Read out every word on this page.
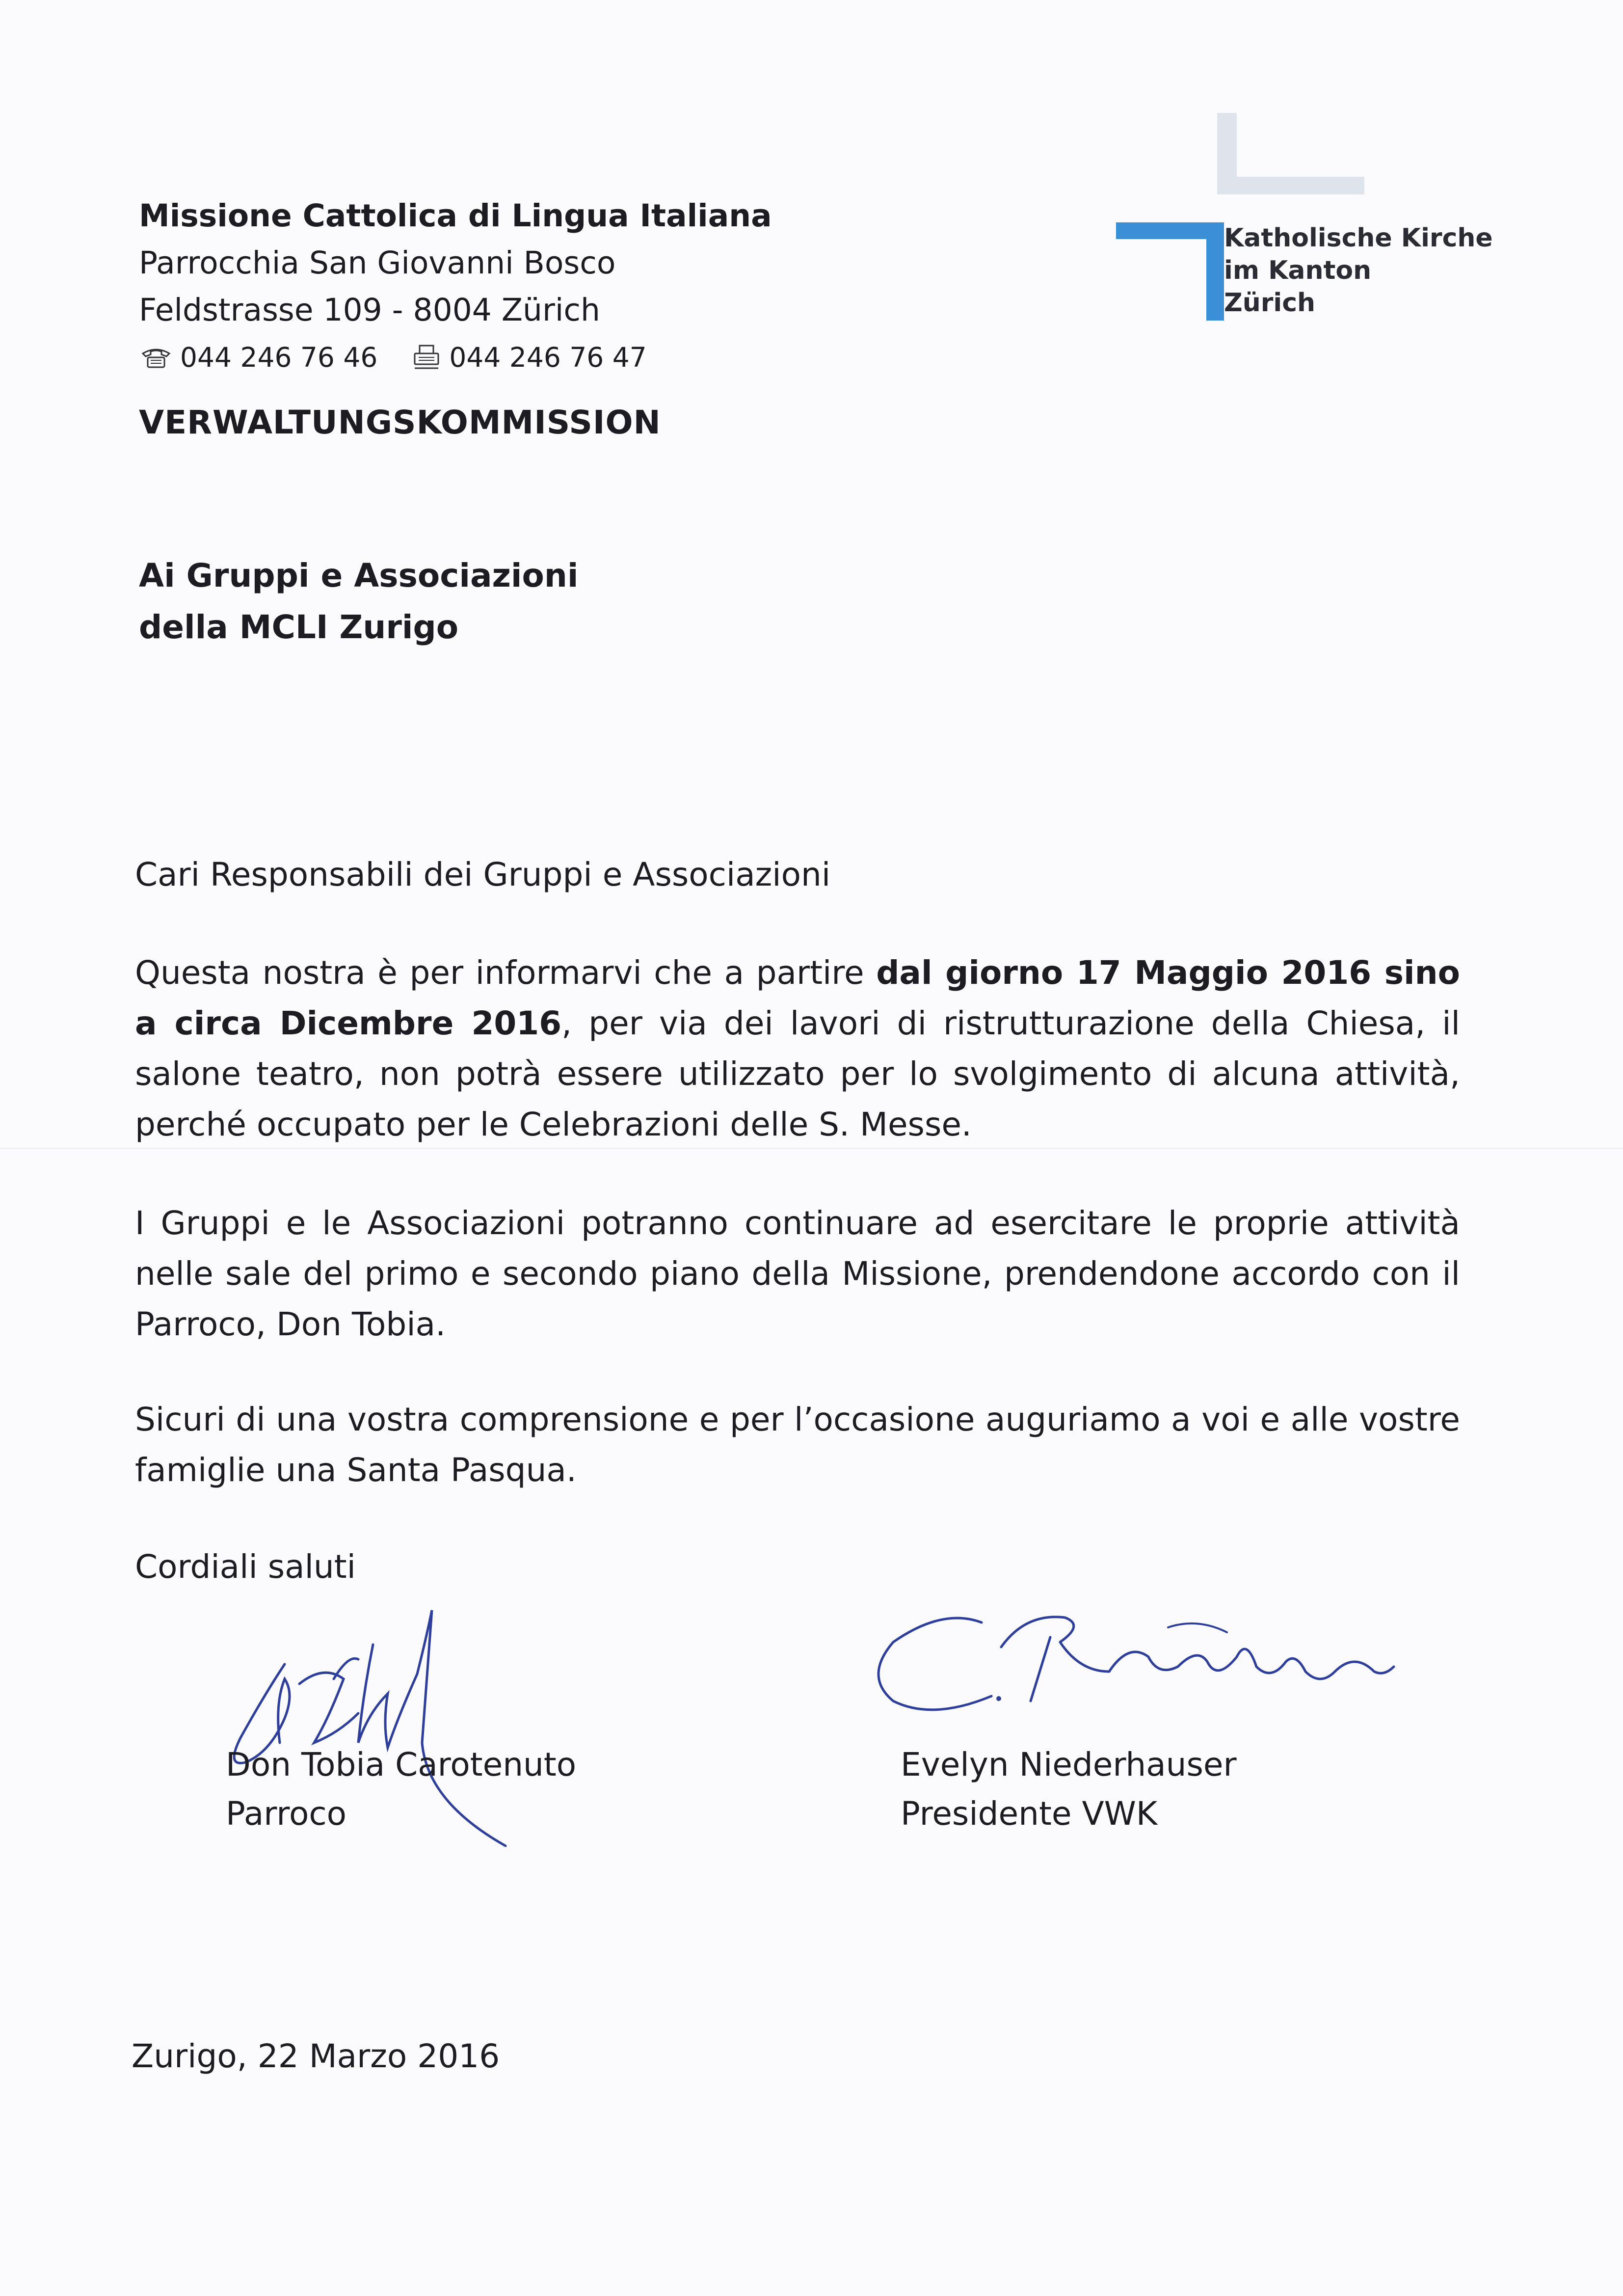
Missione Cattolica di Lingua Italiana
Parrocchia San Giovanni Bosco
Feldstrasse 109 - 8004 Zürich
044 246 76 46	044 246 76 47
VERWALTUNGSKOMMISSION
Katholische Kirche
im Kanton
Zürich
Ai Gruppi e Associazioni
della MCLI Zurigo

Cari Responsabili dei Gruppi e Associazioni

Questa nostra è per informarvi che a partire dal giorno 17 Maggio 2016 sino a circa Dicembre 2016, per via dei lavori di ristrutturazione della Chiesa, il salone teatro, non potrà essere utilizzato per lo svolgimento di alcuna attività, perché occupato per le Celebrazioni delle S. Messe.

I Gruppi e le Associazioni potranno continuare ad esercitare le proprie attività nelle sale del primo e secondo piano della Missione, prendendone accordo con il Parroco, Don Tobia.

Sicuri di una vostra comprensione e per l’occasione auguriamo a voi e alle vostre famiglie una Santa Pasqua.

Cordiali saluti

Don Tobia Carotenuto
Parroco
Evelyn Niederhauser
Presidente VWK
Zurigo, 22 Marzo 2016
